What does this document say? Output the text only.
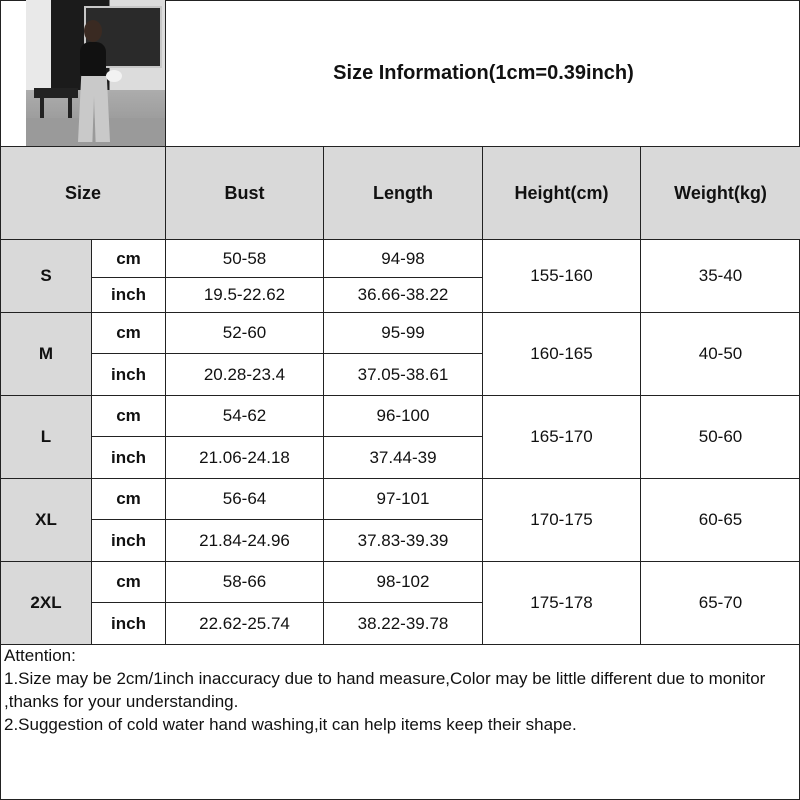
Size Information(1cm=0.39inch)
Size		Bust	Length	Height(cm)	Weight(kg)
S	cm	50-58	94-98	155-160	35-40
	inch	19.5-22.62	36.66-38.22		
M	cm	52-60	95-99	160-165	40-50
	inch	20.28-23.4	37.05-38.61		
L	cm	54-62	96-100	165-170	50-60
	inch	21.06-24.18	37.44-39		
XL	cm	56-64	97-101	170-175	60-65
	inch	21.84-24.96	37.83-39.39		
2XL	cm	58-66	98-102	175-178	65-70
	inch	22.62-25.74	38.22-39.78		
Attention:
1.Size may be 2cm/1inch inaccuracy due to hand measure,Color may be little different due to monitor ,thanks for your understanding.
2.Suggestion of cold water hand washing,it can help items keep their shape.
